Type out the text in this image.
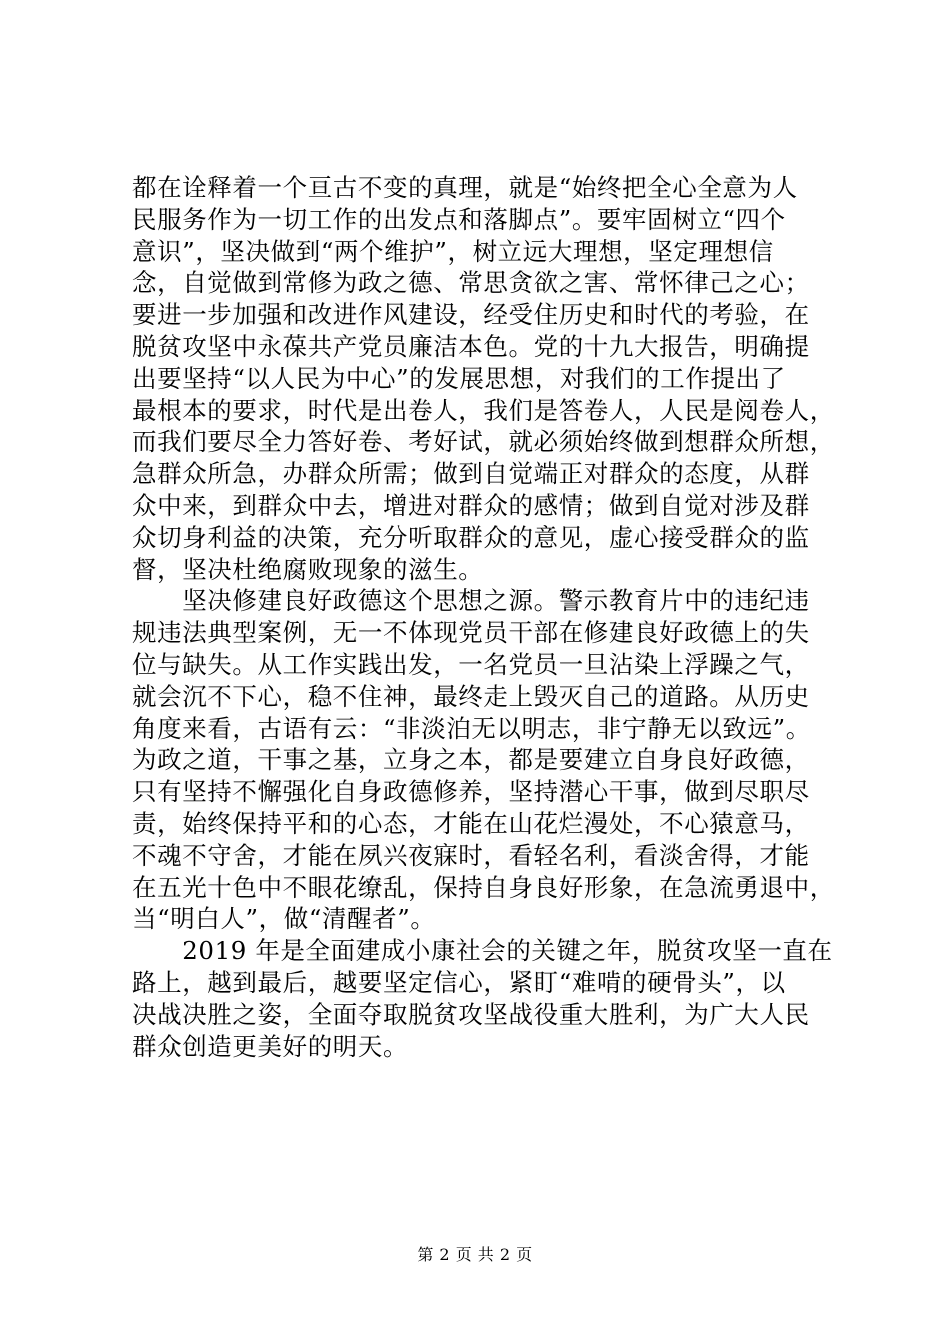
都在诠释着一个亘古不变的真理，就是“始终把全心全意为人
民服务作为一切工作的出发点和落脚点”。要牢固树立“四个
意识”，坚决做到“两个维护”，树立远大理想，坚定理想信
念，自觉做到常修为政之德、常思贪欲之害、常怀律己之心；
要进一步加强和改进作风建设，经受住历史和时代的考验，在
脱贫攻坚中永葆共产党员廉洁本色。党的十九大报告，明确提
出要坚持“以人民为中心”的发展思想，对我们的工作提出了
最根本的要求，时代是出卷人，我们是答卷人，人民是阅卷人，
而我们要尽全力答好卷、考好试，就必须始终做到想群众所想，
急群众所急，办群众所需；做到自觉端正对群众的态度，从群
众中来，到群众中去，增进对群众的感情；做到自觉对涉及群
众切身利益的决策，充分听取群众的意见，虚心接受群众的监
督，坚决杜绝腐败现象的滋生。
　　坚决修建良好政德这个思想之源。警示教育片中的违纪违
规违法典型案例，无一不体现党员干部在修建良好政德上的失
位与缺失。从工作实践出发，一名党员一旦沾染上浮躁之气，
就会沉不下心，稳不住神，最终走上毁灭自己的道路。从历史
角度来看，古语有云：“非淡泊无以明志，非宁静无以致远”。
为政之道，干事之基，立身之本，都是要建立自身良好政德，
只有坚持不懈强化自身政德修养，坚持潜心干事，做到尽职尽
责，始终保持平和的心态，才能在山花烂漫处，不心猿意马，
不魂不守舍，才能在夙兴夜寐时，看轻名利，看淡舍得，才能
在五光十色中不眼花缭乱，保持自身良好形象，在急流勇退中，
当“明白人”，做“清醒者”。
　　2019 年是全面建成小康社会的关键之年，脱贫攻坚一直在
路上，越到最后，越要坚定信心，紧盯“难啃的硬骨头”，以
决战决胜之姿，全面夺取脱贫攻坚战役重大胜利，为广大人民
群众创造更美好的明天。
第 2 页 共 2 页
